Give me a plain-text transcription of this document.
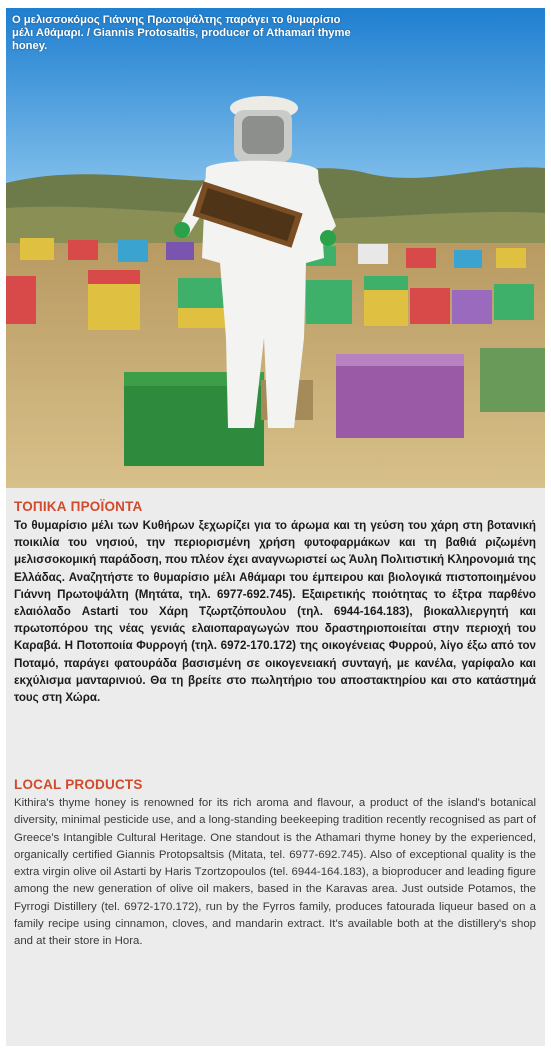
Ο μελισσοκόμος Γιάννης Πρωτοψάλτης παράγει το θυμαρίσιο μέλι Αθάμαρι. / Giannis Protosaltis, producer of Athamari thyme honey.
ΤΟΠΙΚΑ ΠΡΟΪΟΝΤΑ
Το θυμαρίσιο μέλι των Κυθήρων ξεχωρίζει για το άρωμα και τη γεύση του χάρη στη βοτανική ποικιλία του νησιού, την περιορισμένη χρήση φυτοφαρμάκων και τη βαθιά ριζωμένη μελισσοκομική παράδοση, που πλέον έχει αναγνωριστεί ως Άυλη Πολιτιστική Κληρονομιά της Ελλάδας. Αναζητήστε το θυμαρίσιο μέλι Αθάμαρι του έμπειρου και βιολογικά πιστοποιημένου Γιάννη Πρωτοψάλτη (Μητάτα, τηλ. 6977-692.745). Εξαιρετικής ποιότητας το έξτρα παρθένο ελαιόλαδο Astarti του Χάρη Τζωρτζόπουλου (τηλ. 6944-164.183), βιοκαλλιεργητή και πρωτοπόρου της νέας γενιάς ελαιοπαραγωγών που δραστηριοποιείται στην περιοχή του Καραβά. Η Ποτοποιία Φυρρογή (τηλ. 6972-170.172) της οικογένειας Φυρρού, λίγο έξω από τον Ποταμό, παράγει φατουράδα βασισμένη σε οικογενειακή συνταγή, με κανέλα, γαρίφαλο και εκχύλισμα μανταρινιού. Θα τη βρείτε στο πωλητήριο του αποστακτηρίου και στο κατάστημά τους στη Χώρα.
LOCAL PRODUCTS
Kithira's thyme honey is renowned for its rich aroma and flavour, a product of the island's botanical diversity, minimal pesticide use, and a long-standing beekeeping tradition recently recognised as part of Greece's Intangible Cultural Heritage. One standout is the Athamari thyme honey by the experienced, organically certified Giannis Protopsaltsis (Mitata, tel. 6977-692.745). Also of exceptional quality is the extra virgin olive oil Astarti by Haris Tzortzopoulos (tel. 6944-164.183), a bioproducer and leading figure among the new generation of olive oil makers, based in the Karavas area. Just outside Potamos, the Fyrrogi Distillery (tel. 6972-170.172), run by the Fyrros family, produces fatourada liqueur based on a family recipe using cinnamon, cloves, and mandarin extract. It's available both at the distillery's shop and at their store in Hora.
